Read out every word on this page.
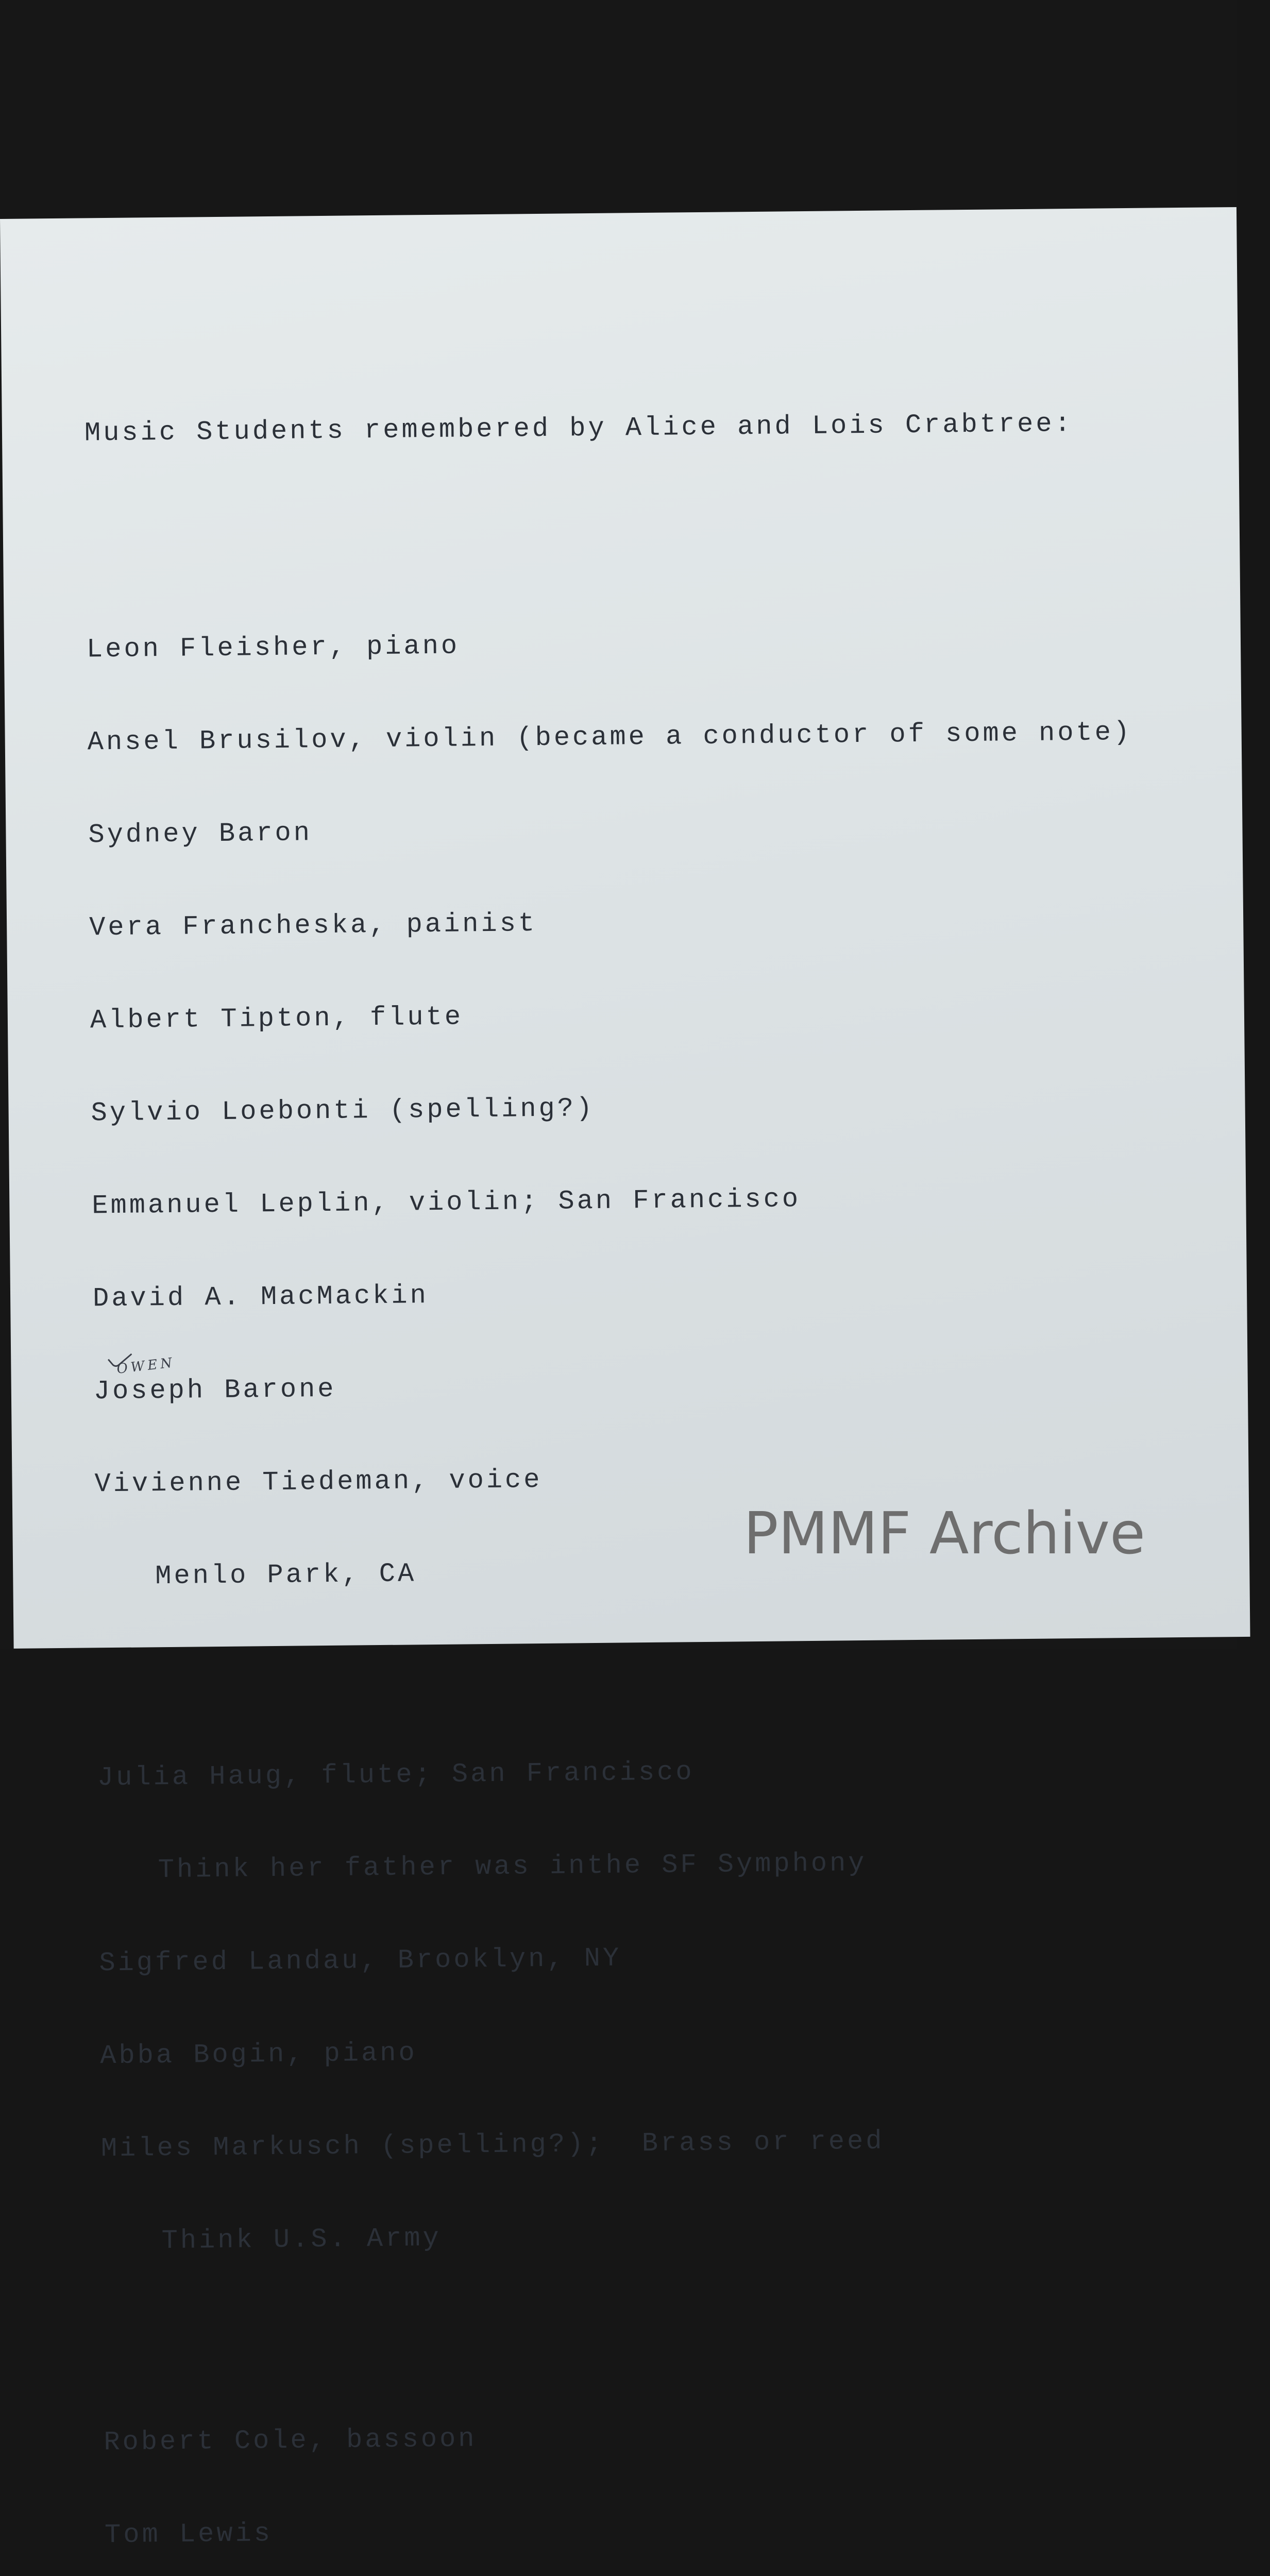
Music Students remembered by Alice and Lois Crabtree:

Leon Fleisher, piano

Ansel Brusilov, violin (became a conductor of some note)

Sydney Baron

Vera Francheska, painist

Albert Tipton, flute

Sylvio Loebonti (spelling?)

Emmanuel Leplin, violin; San Francisco

David A. MacMackin

Joseph Barone

Vivienne Tiedeman, voice

Menlo Park, CA

Julia Haug, flute; San Francisco

Think her father was inthe SF Symphony

Sigfred Landau, Brooklyn, NY

Abba Bogin, piano

Miles Markusch (spelling?);  Brass or reed

Think U.S. Army

Robert Cole, bassoon

Tom Lewis

OWEN
PMMF Archive
